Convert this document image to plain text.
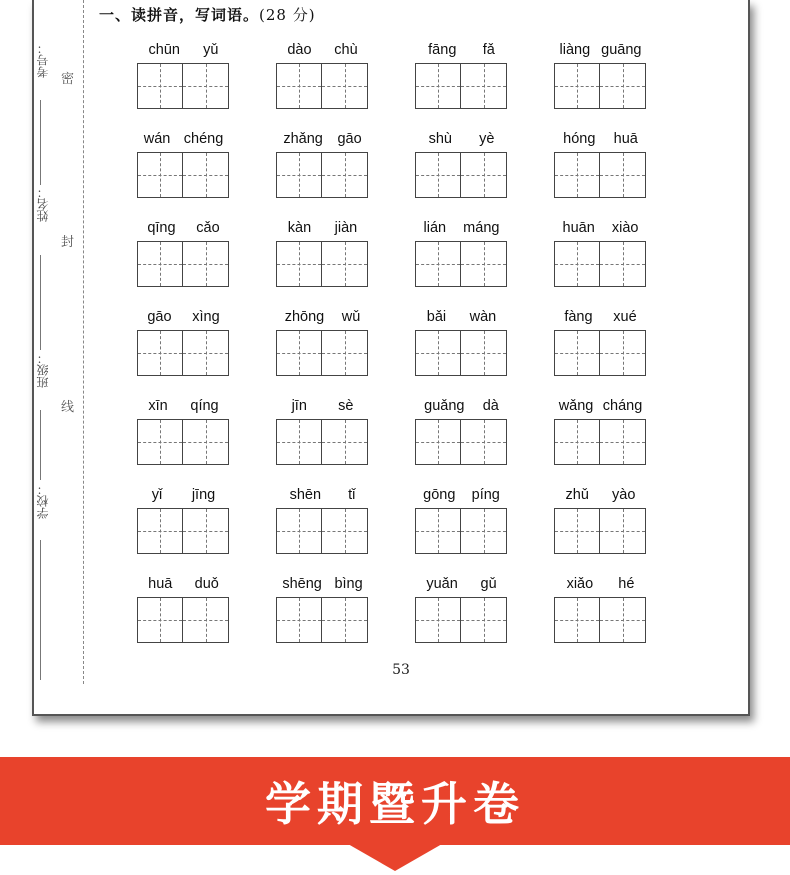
考号：
姓名：
班级：
学校：
密
封
线
一、读拼音，写词语。(28 分)
chūn yǔ	dào chù	fāng fǎ	liàng guāng
wán chéng	zhǎng gāo	shù yè	hóng huā
qīng cǎo	kàn jiàn	lián máng	huān xiào
gāo xìng	zhōng wǔ	bǎi wàn	fàng xué
xīn qíng	jīn sè	guǎng dà	wǎng cháng
yǐ jīng	shēn tǐ	gōng píng	zhǔ yào
huā duǒ	shēng bìng	yuǎn gǔ	xiǎo hé
53
学期暨升卷
